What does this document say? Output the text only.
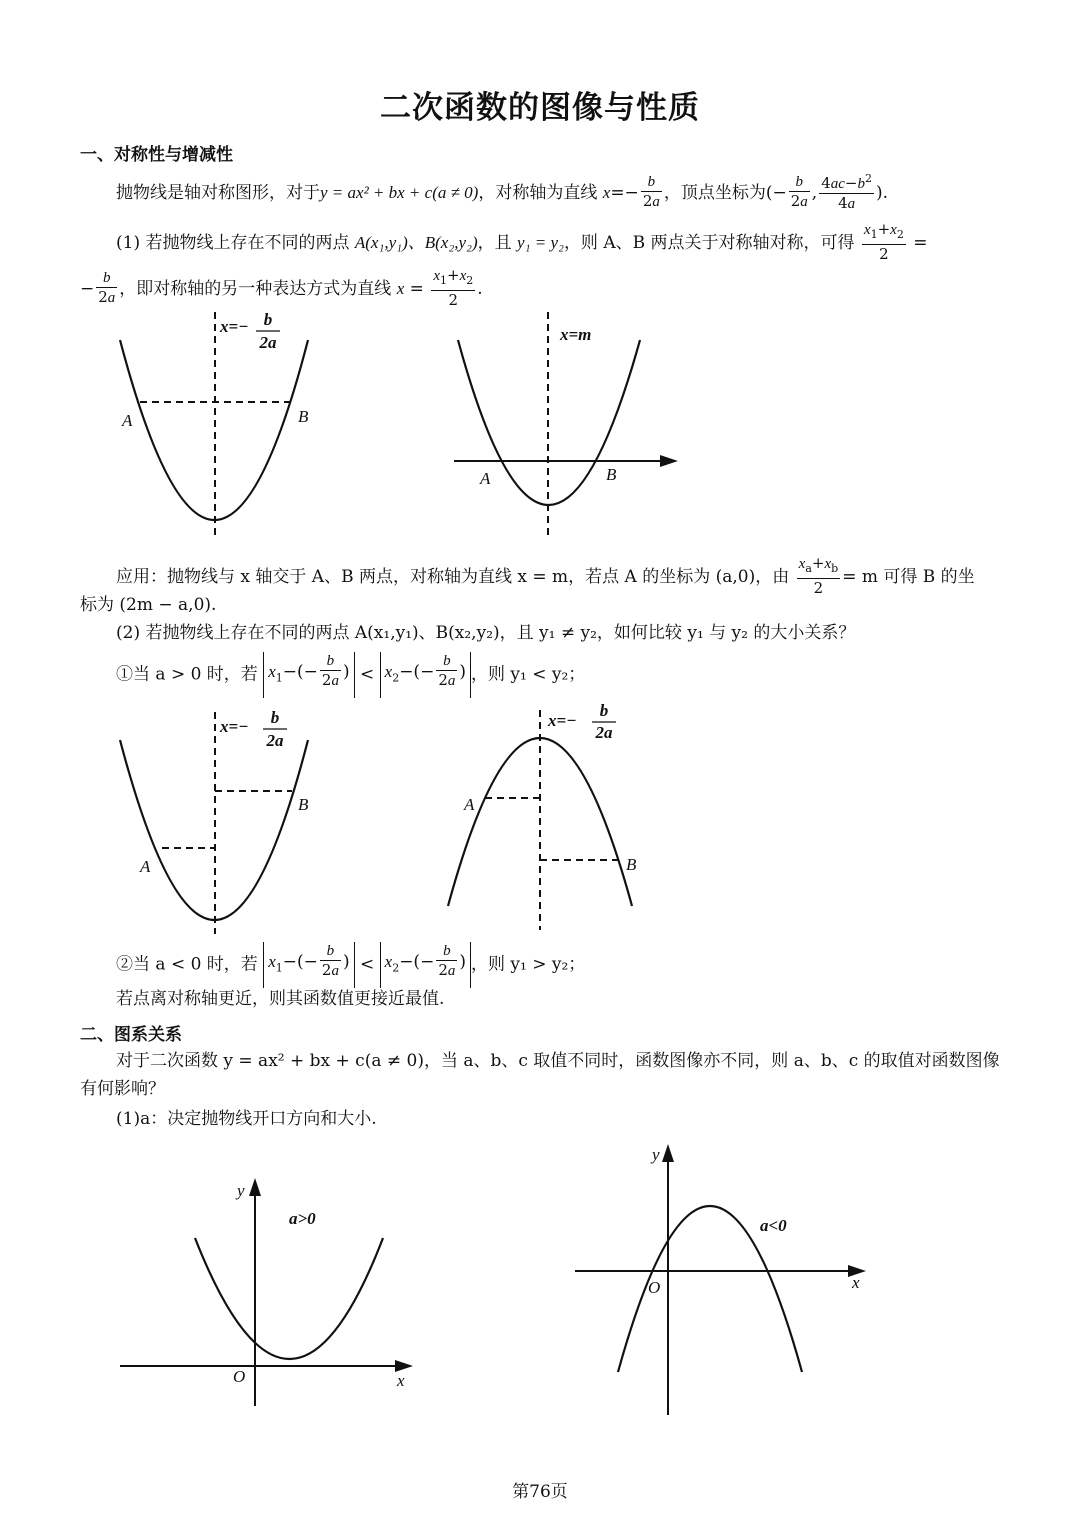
二次函数的图像与性质
一、对称性与增减性
抛物线是轴对称图形，对于y = ax² + bx + c(a ≠ 0)，对称轴为直线 $x=- \frac{b}{2a}$ ，顶点坐标为(− $\frac{b}{2a}$ , $\frac{4ac-b^2}{4a}$ ).
(1) 若抛物线上存在不同的两点 A(x₁,y₁)、B(x₂,y₂)，且 y₁ = y₂，则 A、B 两点关于对称轴对称，可得 $\frac{x_1+x_2}{2}$ =
− $\frac{b}{2a}$ ，即对称轴的另一种表达方式为直线 $x = \frac{x_1+x_2}{2}$ .
x=− b
2a
A	B
x=m
A	B
应用：抛物线与 x 轴交于 A、B 两点，对称轴为直线 x = m，若点 A 的坐标为 (a,0)，由 $\frac{x_a+x_b}{2} = m$ 可得 B 的坐
标为 (2m − a,0).
(2) 若抛物线上存在不同的两点 A(x₁,y₁)、B(x₂,y₂)，且 y₁ ≠ y₂，如何比较 y₁ 与 y₂ 的大小关系？
①当 a > 0 时，若 $x_1-(- \frac{b}{2a}$ ) < $x_2-(- \frac{b}{2a}$ ) ，则 y₁ < y₂；
x=− b
2a
B
A
x=−
b
2a
A
B
②当 a < 0 时，若 $x_1-(- \frac{b}{2a}$ ) < $x_2-(- \frac{b}{2a}$ ) ，则 y₁ > y₂；
若点离对称轴更近，则其函数值更接近最值.
二、图系关系
对于二次函数 y = ax² + bx + c(a ≠ 0)，当 a、b、c 取值不同时，函数图像亦不同，则 a、b、c 的取值对函数图像
有何影响？
(1)a：决定抛物线开口方向和大小.
y
x
O
a>0
y
x
O
a<0
第76页
